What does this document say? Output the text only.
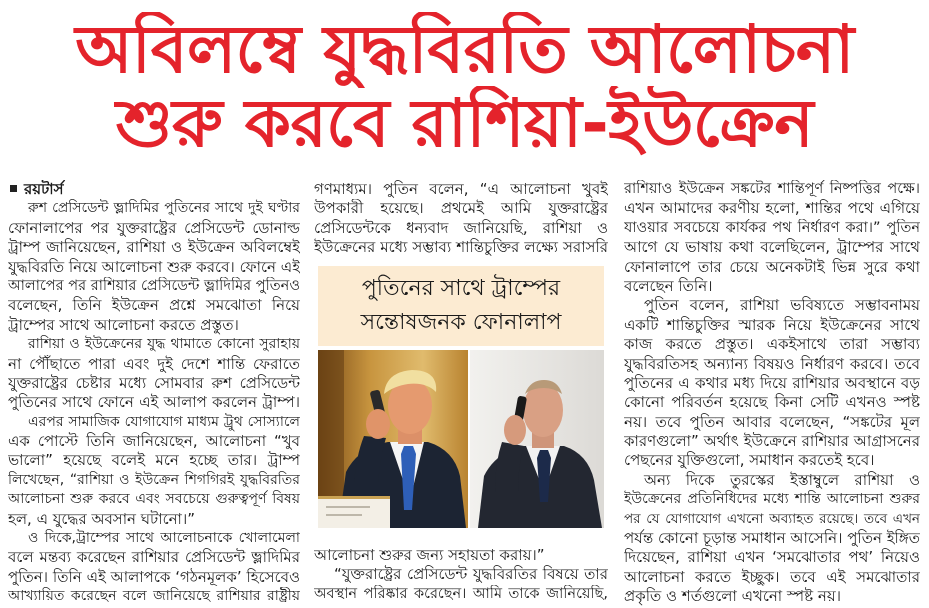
অবিলম্বে যুদ্ধবিরতি আলোচনা
শুরু করবে রাশিয়া-ইউক্রেন
রয়টার্স
রুশ প্রেসিডেন্ট ভ্লাদিমির পুতিনের সাথে দুই ঘণ্টার
ফোনালাপের পর যুক্তরাষ্ট্রের প্রেসিডেন্ট ডোনাল্ড
ট্রাম্প জানিয়েছেন, রাশিয়া ও ইউক্রেন অবিলম্বেই
যুদ্ধবিরতি নিয়ে আলোচনা শুরু করবে। ফোনে এই
আলাপের পর রাশিয়ার প্রেসিডেন্ট ভ্লাদিমির পুতিনও
বলেছেন, তিনি ইউক্রেন প্রশ্নে সমঝোতা নিয়ে
ট্রাম্পের সাথে আলোচনা করতে প্রস্তুত।
রাশিয়া ও ইউক্রেনের যুদ্ধ থামাতে কোনো সুরাহায়
না পৌঁছাতে পারা এবং দুই দেশে শান্তি ফেরাতে
যুক্তরাষ্ট্রের চেষ্টার মধ্যে সোমবার রুশ প্রেসিডেন্ট
পুতিনের সাথে ফোনে এই আলাপ করলেন ট্রাম্প।
এরপর সামাজিক যোগাযোগ মাধ্যম ট্রুথ সোস্যালে
এক পোস্টে তিনি জানিয়েছেন, আলোচনা “খুব
ভালো” হয়েছে বলেই মনে হচ্ছে তার। ট্রাম্প
লিখেছেন, “রাশিয়া ও ইউক্রেন শিগগিরই যুদ্ধবিরতির
আলোচনা শুরু করবে এবং সবচেয়ে গুরুত্বপূর্ণ বিষয়
হল, এ যুদ্ধের অবসান ঘটানো।”
ও দিকে,ট্রাম্পের সাথে আলোচনাকে খোলামেলা
বলে মন্তব্য করেছেন রাশিয়ার প্রেসিডেন্ট ভ্লাদিমির
পুতিন। তিনি এই আলাপকে ‘গঠনমূলক’ হিসেবেও
আখ্যায়িত করেছেন বলে জানিয়েছে রাশিয়ার রাষ্ট্রীয়
গণমাধ্যম। পুতিন বলেন, “এ আলোচনা খুবই
উপকারী হয়েছে। প্রথমেই আমি যুক্তরাষ্ট্রের
প্রেসিডেন্টকে ধন্যবাদ জানিয়েছি, রাশিয়া ও
ইউক্রেনের মধ্যে সম্ভাব্য শান্তিচুক্তির লক্ষ্যে সরাসরি
পুতিনের সাথে ট্রাম্পের
সন্তোষজনক ফোনালাপ
আলোচনা শুরুর জন্য সহায়তা করায়।”
“যুক্তরাষ্ট্রের প্রেসিডেন্ট যুদ্ধবিরতির বিষয়ে তার
অবস্থান পরিষ্কার করেছেন। আমি তাকে জানিয়েছি,
রাশিয়াও ইউক্রেন সঙ্কটের শান্তিপূর্ণ নিষ্পত্তির পক্ষে।
এখন আমাদের করণীয় হলো, শান্তির পথে এগিয়ে
যাওয়ার সবচেয়ে কার্যকর পথ নির্ধারণ করা।” পুতিন
আগে যে ভাষায় কথা বলেছিলেন, ট্রাম্পের সাথে
ফোনালাপে তার চেয়ে অনেকটাই ভিন্ন সুরে কথা
বলেছেন তিনি।
পুতিন বলেন, রাশিয়া ভবিষ্যতে সম্ভাবনাময়
একটি শান্তিচুক্তির স্মারক নিয়ে ইউক্রেনের সাথে
কাজ করতে প্রস্তুত। একইসাথে তারা সম্ভাব্য
যুদ্ধবিরতিসহ অন্যান্য বিষয়ও নির্ধারণ করবে। তবে
পুতিনের এ কথার মধ্য দিয়ে রাশিয়ার অবস্থানে বড়
কোনো পরিবর্তন হয়েছে কিনা সেটি এখনও স্পষ্ট
নয়। তবে পুতিন আবার বলেছেন, “সঙ্কটের মূল
কারণগুলো” অর্থাৎ ইউক্রেনে রাশিয়ার আগ্রাসনের
পেছনের যুক্তিগুলো, সমাধান করতেই হবে।
অন্য দিকে তুরস্কের ইস্তাম্বুলে রাশিয়া ও
ইউক্রেনের প্রতিনিধিদের মধ্যে শান্তি আলোচনা শুরুর
পর যে যোগাযোগ এখনো অব্যাহত রয়েছে। তবে এখন
পর্যন্ত কোনো চূড়ান্ত সমাধান আসেনি। পুতিন ইঙ্গিত
দিয়েছেন, রাশিয়া এখন ‘সমঝোতার পথ’ নিয়েও
আলোচনা করতে ইচ্ছুক। তবে এই সমঝোতার
প্রকৃতি ও শর্তগুলো এখনো স্পষ্ট নয়।
